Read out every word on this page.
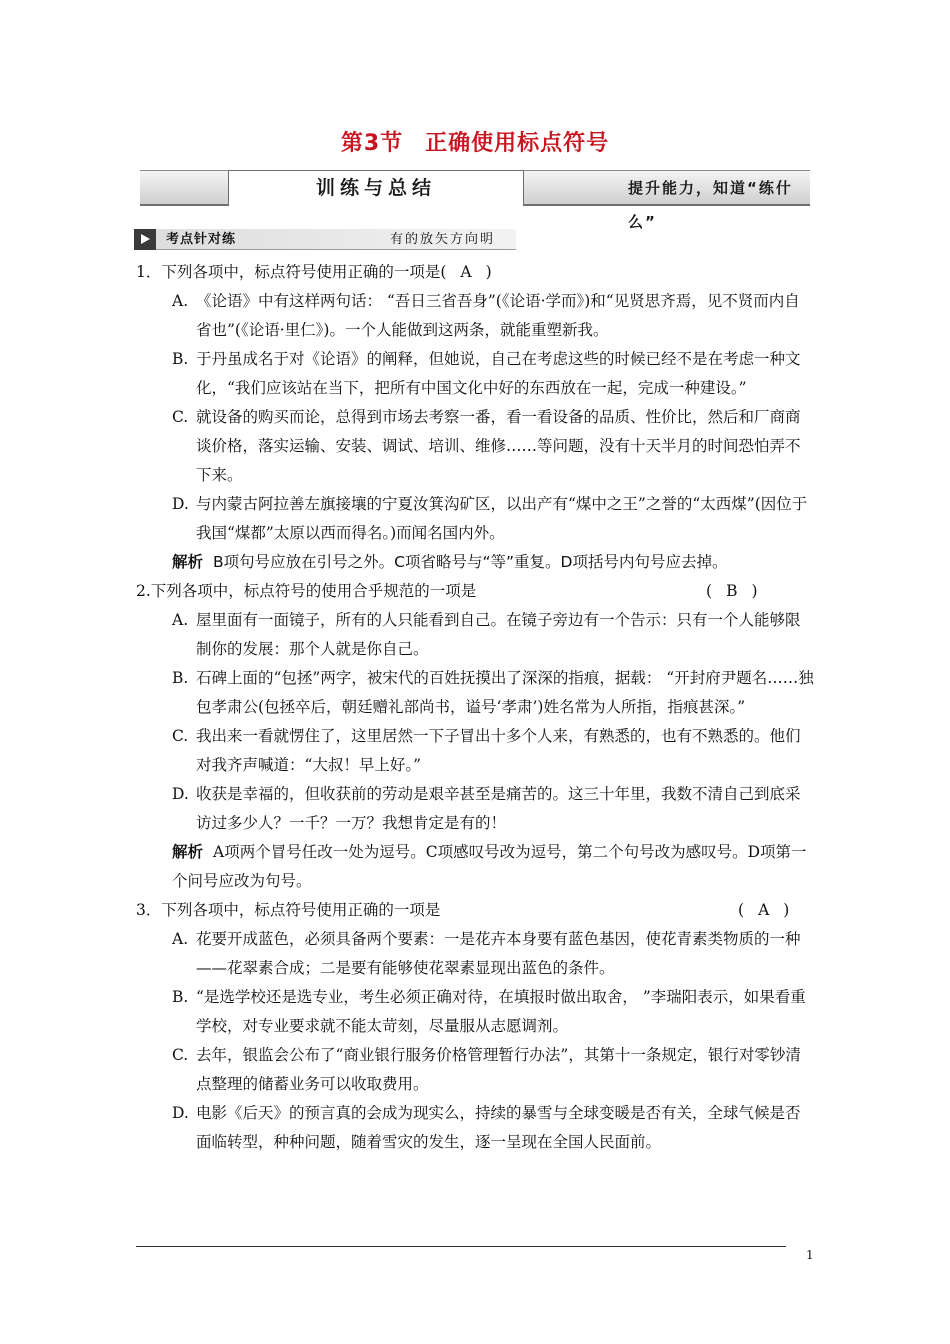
第3节 正确使用标点符号
训练与总结	提升能力，知道“练什么”
考点针对练	有的放矢方向明
1．下列各项中，标点符号使用正确的一项是( A )
A. 《论语》中有这样两句话： “吾日三省吾身”(《论语·学而》)和“见贤思齐焉，见不贤而内自省也”(《论语·里仁》)。一个人能做到这两条，就能重塑新我。
B. 于丹虽成名于对《论语》的阐释，但她说，自己在考虑这些的时候已经不是在考虑一种文化，“我们应该站在当下，把所有中国文化中好的东西放在一起，完成一种建设。”
C. 就设备的购买而论，总得到市场去考察一番，看一看设备的品质、性价比，然后和厂商商谈价格，落实运输、安装、调试、培训、维修……等问题，没有十天半月的时间恐怕弄不下来。
D. 与内蒙古阿拉善左旗接壤的宁夏汝箕沟矿区，以出产有“煤中之王”之誉的“太西煤”(因位于我国“煤都”太原以西而得名。)而闻名国内外。
解析 B项句号应放在引号之外。C项省略号与“等”重复。D项括号内句号应去掉。
2.下列各项中，标点符号的使用合乎规范的一项是	( B )
A. 屋里面有一面镜子，所有的人只能看到自己。在镜子旁边有一个告示：只有一个人能够限制你的发展：那个人就是你自己。
B. 石碑上面的“包拯”两字，被宋代的百姓抚摸出了深深的指痕，据载： “开封府尹题名……独包孝肃公(包拯卒后，朝廷赠礼部尚书，谥号‘孝肃’)姓名常为人所指，指痕甚深。”
C. 我出来一看就愣住了，这里居然一下子冒出十多个人来，有熟悉的，也有不熟悉的。他们对我齐声喊道：“大叔！早上好。”
D. 收获是幸福的，但收获前的劳动是艰辛甚至是痛苦的。这三十年里，我数不清自己到底采访过多少人？一千？一万？我想肯定是有的！
解析 A项两个冒号任改一处为逗号。C项感叹号改为逗号，第二个句号改为感叹号。D项第一个问号应改为句号。
3．下列各项中，标点符号使用正确的一项是	( A )
A. 花要开成蓝色，必须具备两个要素：一是花卉本身要有蓝色基因，使花青素类物质的一种——花翠素合成；二是要有能够使花翠素显现出蓝色的条件。
B. “是选学校还是选专业，考生必须正确对待，在填报时做出取舍， ”李瑞阳表示，如果看重学校，对专业要求就不能太苛刻，尽量服从志愿调剂。
C. 去年，银监会公布了“商业银行服务价格管理暂行办法”，其第十一条规定，银行对零钞清点整理的储蓄业务可以收取费用。
D. 电影《后天》的预言真的会成为现实么，持续的暴雪与全球变暖是否有关，全球气候是否面临转型，种种问题，随着雪灾的发生，逐一呈现在全国人民面前。
1
